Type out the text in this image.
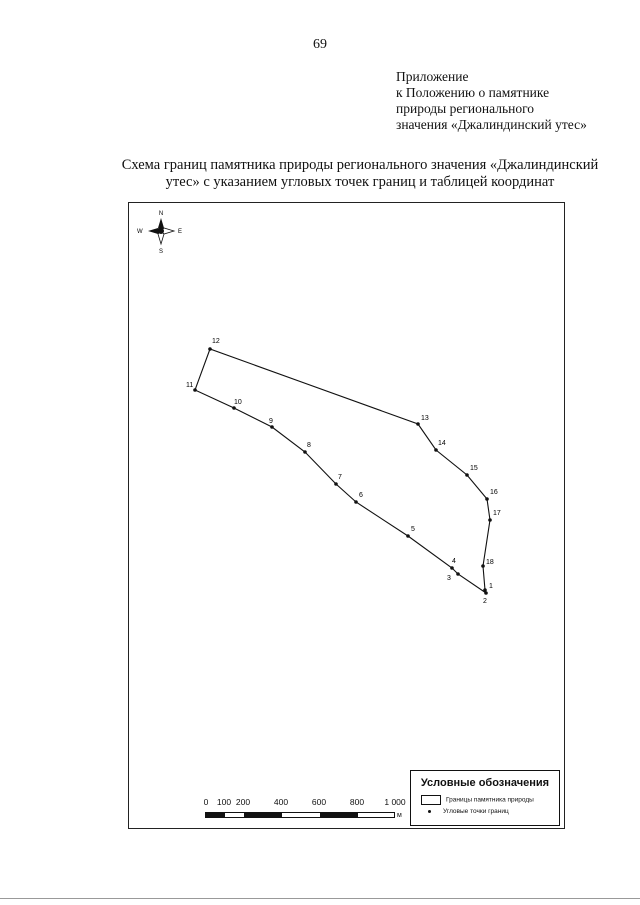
69
Приложение
к Положению о памятнике
природы регионального
значения «Джалиндинский утес»
Схема границ памятника природы регионального значения «Джалиндинский
утес» с указанием угловых точек границ и таблицей координат
N
S
E
W
1
2
3
4
5
6
7
8
9
10
11
12
13
14
15
16
17
18
0 100 200	400	600	800 1 000
м
Условные обозначения
Границы памятника природы
Угловые точки границ
